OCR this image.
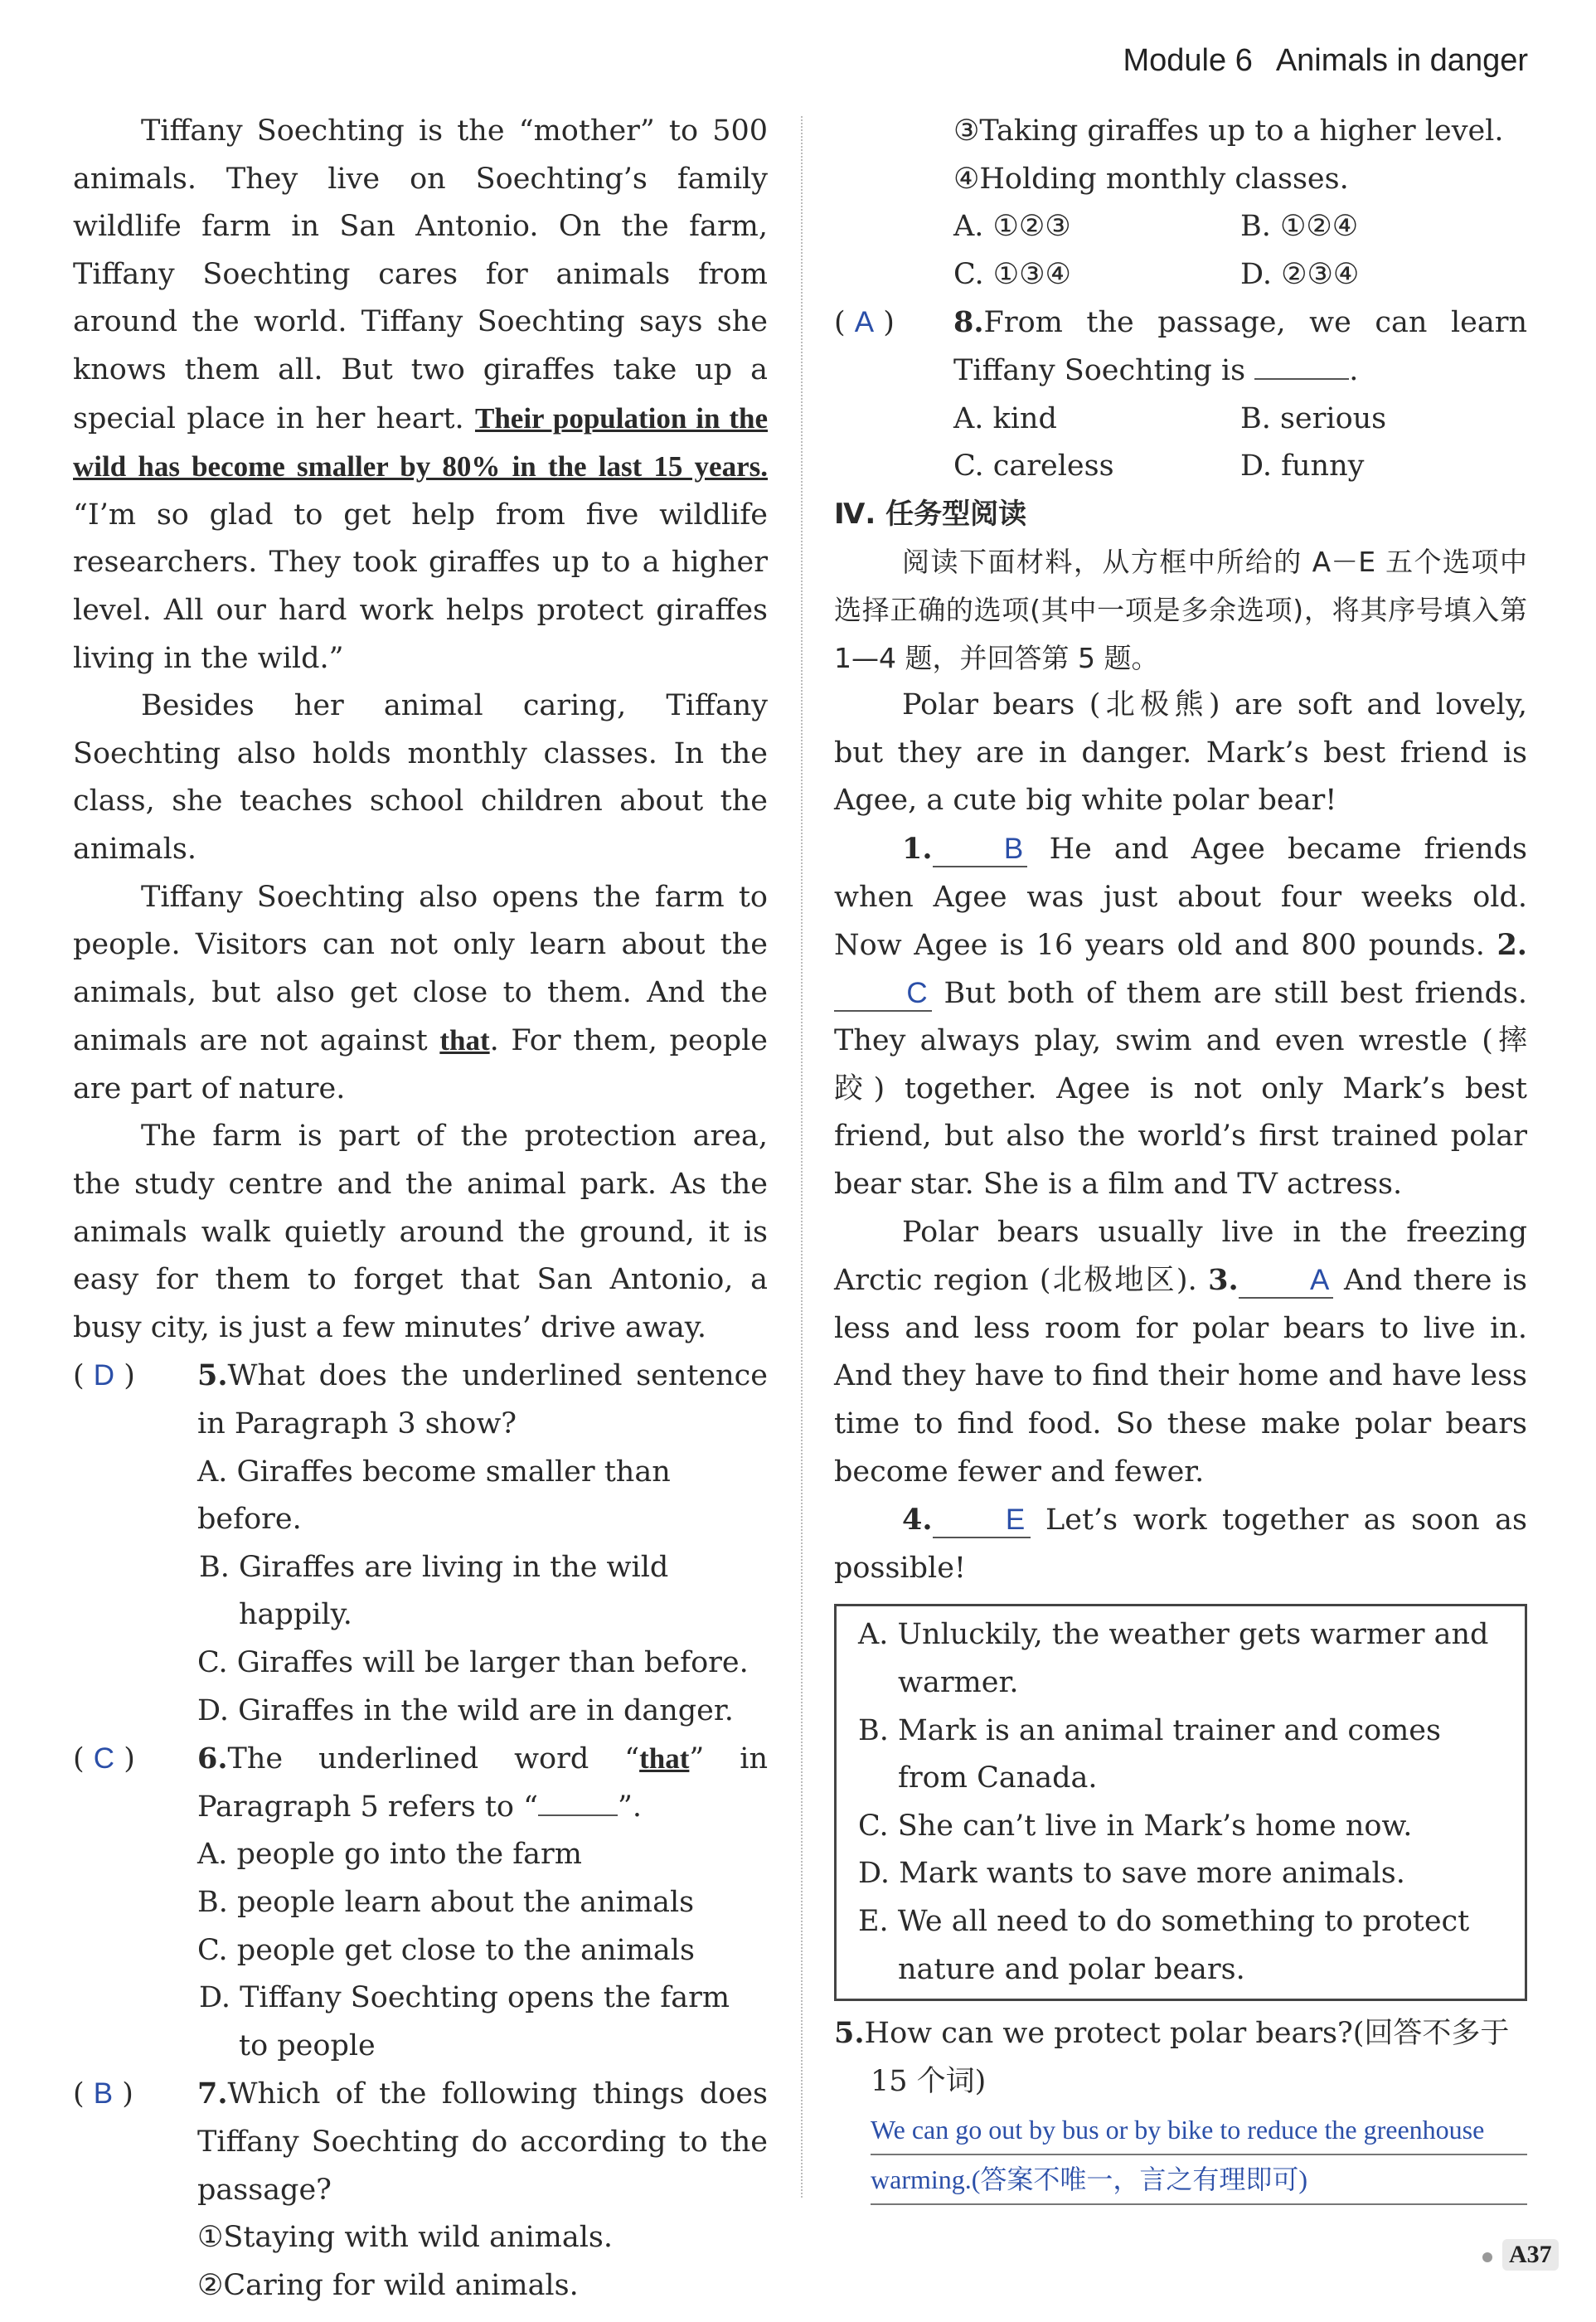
Module 6 Animals in danger

Tiffany Soechting is the “mother” to 500 animals. They live on Soechting’s family wildlife farm in San Antonio. On the farm, Tiffany Soechting cares for animals from around the world. Tiffany Soechting says she knows them all. But two giraffes take up a special place in her heart. Their population in the wild has become smaller by 80% in the last 15 years. “I’m so glad to get help from five wildlife researchers. They took giraffes up to a higher level. All our hard work helps protect giraffes living in the wild.”

Besides her animal caring, Tiffany Soechting also holds monthly classes. In the class, she teaches school children about the animals.

Tiffany Soechting also opens the farm to people. Visitors can not only learn about the animals, but also get close to them. And the animals are not against that. For them, people are part of nature.

The farm is part of the protection area, the study centre and the animal park. As the animals walk quietly around the ground, it is easy for them to forget that San Antonio, a busy city, is just a few minutes’ drive away.

( D ) 5.What does the underlined sentence in Paragraph 3 show?

A. Giraffes become smaller than before.
B. Giraffes are living in the wild happily.
C. Giraffes will be larger than before.
D. Giraffes in the wild are in danger.
( C ) 6.The underlined word “that” in Paragraph 5 refers to “	”.

A. people go into the farm
B. people learn about the animals
C. people get close to the animals
D. Tiffany Soechting opens the farm to people
( B ) 7.Which of the following things does Tiffany Soechting do according to the passage?

①Staying with wild animals.
②Caring for wild animals.
③Taking giraffes up to a higher level.
④Holding monthly classes.
A. ①②③	B. ①②④
C. ①③④	D. ②③④
( A ) 8.From the passage, we can learn Tiffany Soechting is	.

A. kind	B. serious
C. careless	D. funny
Ⅳ. 任务型阅读

阅读下面材料，从方框中所给的 A－E 五个选项中选择正确的选项(其中一项是多余选项)，将其序号填入第 1—4 题，并回答第 5 题。

Polar bears (北极熊) are soft and lovely, but they are in danger. Mark’s best friend is Agee, a cute big white polar bear!

1. B He and Agee became friends when Agee was just about four weeks old. Now Agee is 16 years old and 800 pounds. 2.C But both of them are still best friends. They always play, swim and even wrestle (摔跤) together. Agee is not only Mark’s best friend, but also the world’s first trained polar bear star. She is a film and TV actress.

Polar bears usually live in the freezing Arctic region (北极地区). 3. A And there is less and less room for polar bears to live in. And they have to find their home and have less time to find food. So these make polar bears become fewer and fewer.

4.	E Let’s work together as soon as possible!

A. Unluckily, the weather gets warmer and warmer.
B. Mark is an animal trainer and comes from Canada.
C. She can’t live in Mark’s home now.
D. Mark wants to save more animals.
E. We all need to do something to protect nature and polar bears.
5.How can we protect polar bears?(回答不多于 15 个词)
We can go out by bus or by bike to reduce the greenhouse
warming.(答案不唯一，言之有理即可)
A37
